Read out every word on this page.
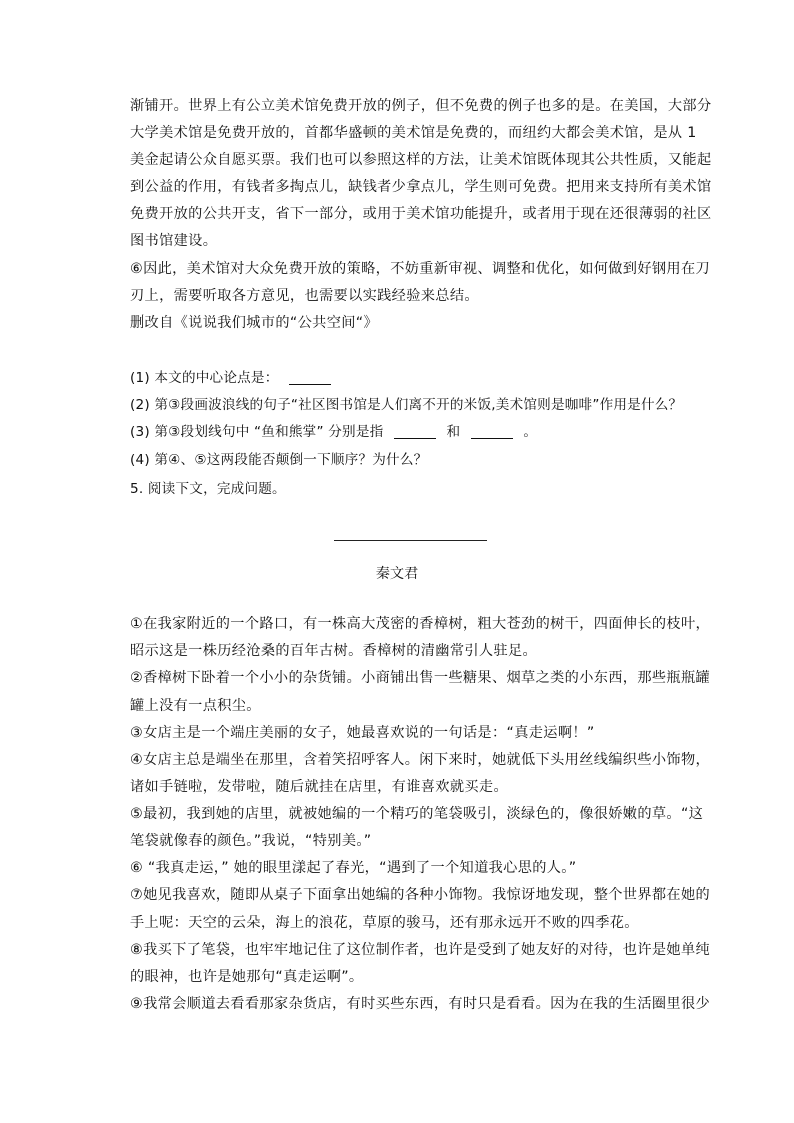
渐铺开。世界上有公立美术馆免费开放的例子，但不免费的例子也多的是。在美国，大部分
大学美术馆是免费开放的，首都华盛顿的美术馆是免费的，而纽约大都会美术馆，是从 1
美金起请公众自愿买票。我们也可以参照这样的方法，让美术馆既体现其公共性质，又能起
到公益的作用，有钱者多掏点儿，缺钱者少拿点儿，学生则可免费。把用来支持所有美术馆
免费开放的公共开支，省下一部分，或用于美术馆功能提升，或者用于现在还很薄弱的社区
图书馆建设。
⑥因此，美术馆对大众免费开放的策略，不妨重新审视、调整和优化，如何做到好钢用在刀
刃上，需要听取各方意见，也需要以实践经验来总结。
删改自《说说我们城市的“公共空间“》
(1) 本文的中心论点是：
(2) 第③段画波浪线的句子“社区图书馆是人们离不开的米饭,美术馆则是咖啡”作用是什么？
(3) 第③段划线句中 “鱼和熊掌” 分别是指	和	。
(4) 第④、⑤这两段能否颠倒一下顺序？为什么？
5. 阅读下文，完成问题。
秦文君
①在我家附近的一个路口，有一株高大茂密的香樟树，粗大苍劲的树干，四面伸长的枝叶，
昭示这是一株历经沧桑的百年古树。香樟树的清幽常引人驻足。
②香樟树下卧着一个小小的杂货铺。小商铺出售一些糖果、烟草之类的小东西，那些瓶瓶罐
罐上没有一点积尘。
③女店主是一个端庄美丽的女子，她最喜欢说的一句话是：“真走运啊！”
④女店主总是端坐在那里，含着笑招呼客人。闲下来时，她就低下头用丝线编织些小饰物，
诸如手链啦，发带啦，随后就挂在店里，有谁喜欢就买走。
⑤最初，我到她的店里，就被她编的一个精巧的笔袋吸引，淡绿色的，像很娇嫩的草。“这
笔袋就像春的颜色。”我说，“特别美。”
⑥ “我真走运，” 她的眼里漾起了春光，“遇到了一个知道我心思的人。”
⑦她见我喜欢，随即从桌子下面拿出她编的各种小饰物。我惊讶地发现，整个世界都在她的
手上呢：天空的云朵，海上的浪花，草原的骏马，还有那永远开不败的四季花。
⑧我买下了笔袋，也牢牢地记住了这位制作者，也许是受到了她友好的对待，也许是她单纯
的眼神，也许是她那句“真走运啊”。
⑨我常会顺道去看看那家杂货店，有时买些东西，有时只是看看。因为在我的生活圈里很少
